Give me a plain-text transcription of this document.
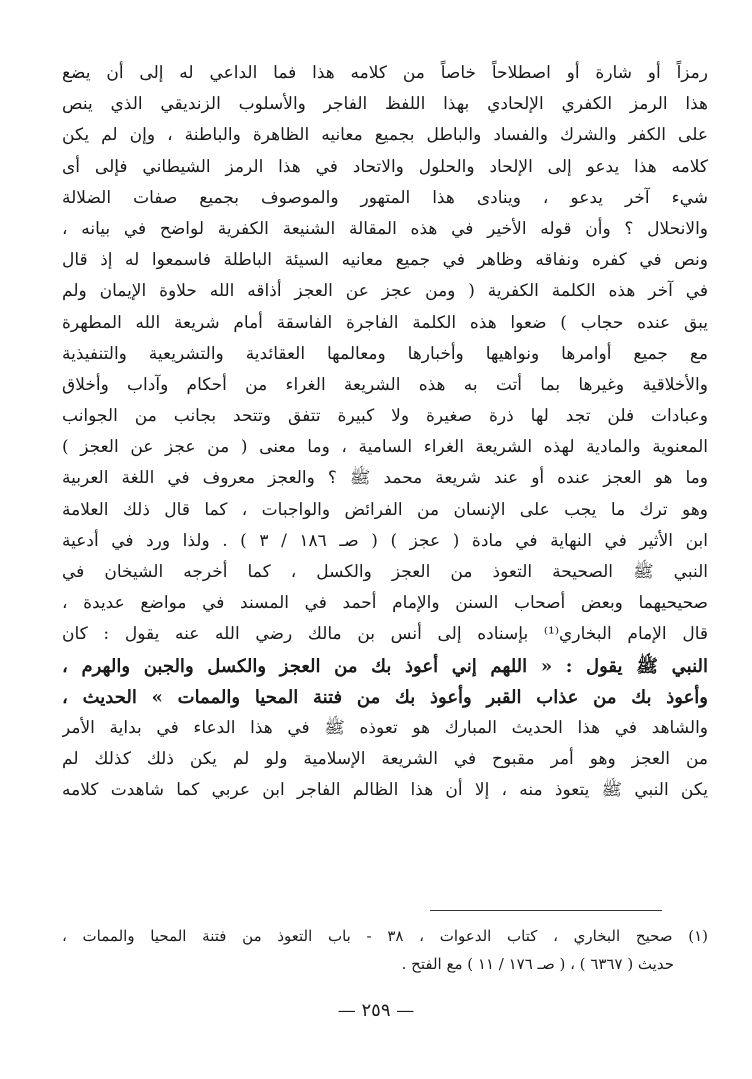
رمزاً أو شارة أو اصطلاحاً خاصاً من كلامه هذا فما الداعي له إلى أن يضع
هذا الرمز الكفري الإلحادي بهذا اللفظ الفاجر والأسلوب الزنديقي الذي ينص
على الكفر والشرك والفساد والباطل بجميع معانيه الظاهرة والباطنة ، وإن لم يكن
كلامه هذا يدعو إلى الإلحاد والحلول والاتحاد في هذا الرمز الشيطاني فإلى أى
شيء آخر يدعو ، وينادى هذا المتهور والموصوف بجميع صفات الضلالة
والانحلال ؟ وأن قوله الأخير في هذه المقالة الشنيعة الكفرية لواضح في بيانه ،
ونص في كفره ونفاقه وظاهر في جميع معانيه السيئة الباطلة فاسمعوا له إذ قال
في آخر هذه الكلمة الكفرية ( ومن عجز عن العجز أذاقه الله حلاوة الإيمان ولم
يبق عنده حجاب ) ضعوا هذه الكلمة الفاجرة الفاسقة أمام شريعة الله المطهرة
مع جميع أوامرها ونواهيها وأخبارها ومعالمها العقائدية والتشريعية والتنفيذية
والأخلاقية وغيرها بما أتت به هذه الشريعة الغراء من أحكام وآداب وأخلاق
وعبادات فلن تجد لها ذرة صغيرة ولا كبيرة تتفق وتتحد بجانب من الجوانب
المعنوية والمادية لهذه الشريعة الغراء السامية ، وما معنى ( من عجز عن العجز )
وما هو العجز عنده أو عند شريعة محمد ﷺ ؟ والعجز معروف في اللغة العربية
وهو ترك ما يجب على الإنسان من الفرائض والواجبات ، كما قال ذلك العلامة
ابن الأثير في النهاية في مادة ( عجز ) ( صـ ١٨٦ / ٣ ) . ولذا ورد في أدعية
النبي ﷺ الصحيحة التعوذ من العجز والكسل ، كما أخرجه الشيخان في
صحيحيهما وبعض أصحاب السنن والإمام أحمد في المسند في مواضع عديدة ،
قال الإمام البخاري⁽¹⁾ بإسناده إلى أنس بن مالك رضي الله عنه يقول : كان
النبي ﷺ يقول : « اللهم إني أعوذ بك من العجز والكسل والجبن والهرم ،
وأعوذ بك من عذاب القبر وأعوذ بك من فتنة المحيا والممات » الحديث ،
والشاهد في هذا الحديث المبارك هو تعوذه ﷺ في هذا الدعاء في بداية الأمر
من العجز وهو أمر مقبوح في الشريعة الإسلامية ولو لم يكن ذلك كذلك لم
يكن النبي ﷺ يتعوذ منه ، إلا أن هذا الظالم الفاجر ابن عربي كما شاهدت كلامه
(١) صحيح البخاري ، كتاب الدعوات ، ٣٨ - باب التعوذ من فتنة المحيا والممات ،
حديث ( ٦٣٦٧ ) ، ( صـ ١٧٦ / ١١ ) مع الفتح .
— ٢٥٩ —
